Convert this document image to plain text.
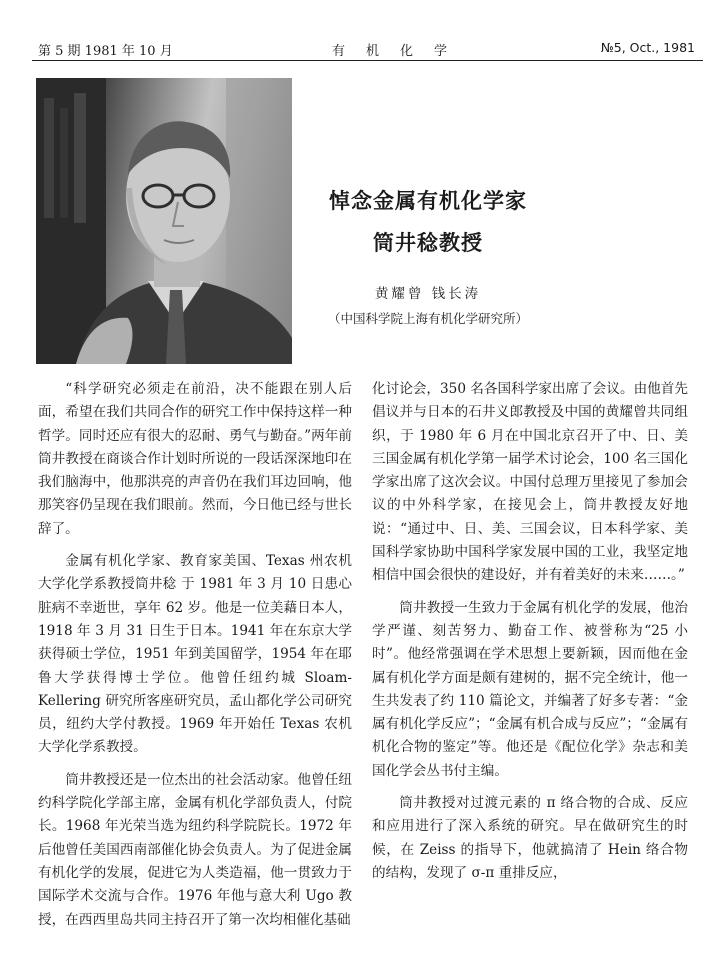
第 5 期 1981 年 10 月	有机化学	№5, Oct., 1981
悼念金属有机化学家
筒井稔教授
黄耀曾 钱长涛
（中国科学院上海有机化学研究所）

“科学研究必须走在前沿，决不能跟在别人后面，希望在我们共同合作的研究工作中保持这样一种哲学。同时还应有很大的忍耐、勇气与勤奋。”两年前筒井教授在商谈合作计划时所说的一段话深深地印在我们脑海中，他那洪亮的声音仍在我们耳边回响，他那笑容仍呈现在我们眼前。然而，今日他已经与世长辞了。

金属有机化学家、教育家美国、Texas 州农机大学化学系教授筒井稔 于 1981 年 3 月 10 日患心脏病不幸逝世，享年 62 岁。他是一位美藉日本人，1918 年 3 月 31 日生于日本。1941 年在东京大学获得硕士学位，1951 年到美国留学，1954 年在耶鲁大学获得博士学位。他曾任纽约城 Sloam-Kellering 研究所客座研究员，孟山都化学公司研究员，纽约大学付教授。1969 年开始任 Texas 农机大学化学系教授。

筒井教授还是一位杰出的社会活动家。他曾任纽约科学院化学部主席，金属有机化学部负责人，付院长。1968 年光荣当选为纽约科学院院长。1972 年后他曾任美国西南部催化协会负责人。为了促进金属有机化学的发展，促进它为人类造福，他一贯致力于国际学术交流与合作。1976 年他与意大利 Ugo 教授，在西西里岛共同主持召开了第一次均相催化基础

化讨论会，350 名各国科学家出席了会议。由他首先倡议并与日本的石井义郎教授及中国的黄耀曾共同组织，于 1980 年 6 月在中国北京召开了中、日、美三国金属有机化学第一届学术讨论会，100 名三国化学家出席了这次会议。中国付总理万里接见了参加会议的中外科学家，在接见会上，筒井教授友好地说：“通过中、日、美、三国会议，日本科学家、美国科学家协助中国科学家发展中国的工业，我坚定地相信中国会很快的建设好，并有着美好的未来……。”

筒井教授一生致力于金属有机化学的发展，他治学严谨、刻苦努力、勤奋工作、被誉称为“25 小时”。他经常强调在学术思想上要新颖，因而他在金属有机化学方面是颇有建树的，据不完全统计，他一生共发表了约 110 篇论文，并编著了好多专著：“金属有机化学反应”；“金属有机合成与反应”；“金属有机化合物的鉴定”等。他还是《配位化学》杂志和美国化学会丛书付主编。

筒井教授对过渡元素的 π 络合物的合成、反应和应用进行了深入系统的研究。早在做研究生的时候，在 Zeiss 的指导下，他就搞清了 Hein 络合物的结构，发现了 σ-π 重排反应，
